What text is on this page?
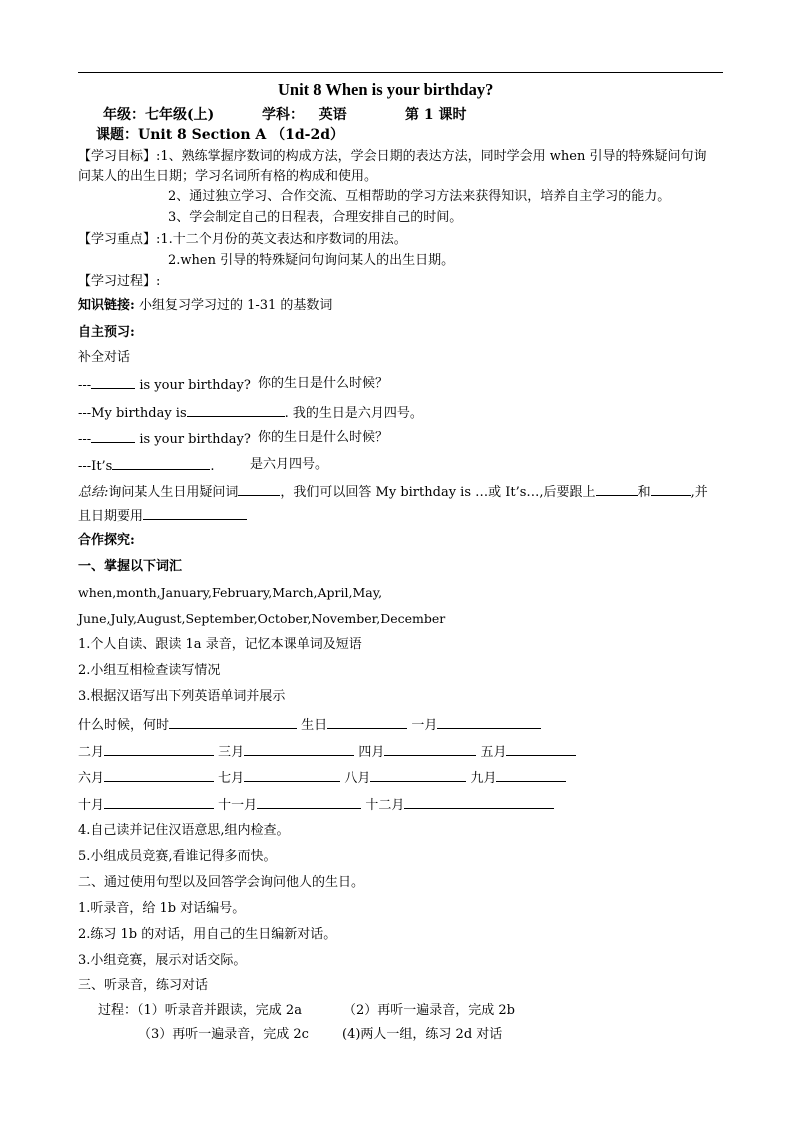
Unit 8 When is your birthday?
年级：七年级(上)	学科： 英语	第 1 课时
课题：Unit 8 Section A （1d-2d）
【学习目标】:1、熟练掌握序数词的构成方法，学会日期的表达方法，同时学会用 when 引导的特殊疑问句询
问某人的出生日期；学习名词所有格的构成和使用。
2、通过独立学习、合作交流、互相帮助的学习方法来获得知识，培养自主学习的能力。
3、学会制定自己的日程表，合理安排自己的时间。
【学习重点】:1.十二个月份的英文表达和序数词的用法。
2.when 引导的特殊疑问句询问某人的出生日期。
【学习过程】:
知识链接: 小组复习学习过的 1-31 的基数词
自主预习:
补全对话
---	is your birthday? 你的生日是什么时候？
---My birthday is	. 我的生日是六月四号。
---	is your birthday? 你的生日是什么时候？
---It’s	.	是六月四号。
总结:询问某人生日用疑问词	，我们可以回答 My birthday is …或 It’s…,后要跟上	和	,并
且日期要用
合作探究:
一、掌握以下词汇
when,month,January,February,March,April,May,
June,July,August,September,October,November,December
1.个人自读、跟读 1a 录音，记忆本课单词及短语
2.小组互相检查读写情况
3.根据汉语写出下列英语单词并展示
什么时候，何时	生日	一月
二月	三月	四月	五月
六月	七月	八月	九月
十月	十一月	十二月
4.自己读并记住汉语意思,组内检查。
5.小组成员竞赛,看谁记得多而快。
二、通过使用句型以及回答学会询问他人的生日。
1.听录音，给 1b 对话编号。
2.练习 1b 的对话，用自己的生日编新对话。
3.小组竞赛，展示对话交际。
三、听录音，练习对话
过程：（1）听录音并跟读，完成 2a	（2）再听一遍录音，完成 2b
（3）再听一遍录音，完成 2c	(4)两人一组，练习 2d 对话
